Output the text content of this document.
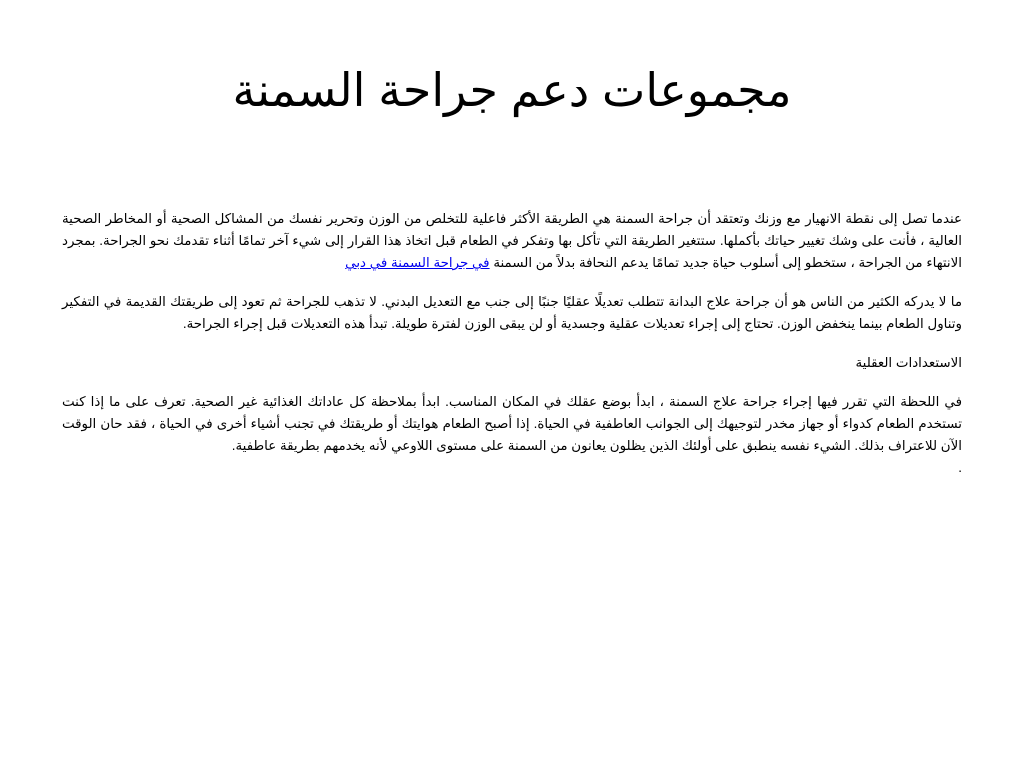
مجموعات دعم جراحة السمنة

عندما تصل إلى نقطة الانهيار مع وزنك وتعتقد أن جراحة السمنة هي الطريقة الأكثر فاعلية للتخلص من الوزن وتحرير نفسك من المشاكل الصحية أو المخاطر الصحية العالية ، فأنت على وشك تغيير حياتك بأكملها. ستتغير الطريقة التي تأكل بها وتفكر في الطعام قبل اتخاذ هذا القرار إلى شيء آخر تمامًا أثناء تقدمك نحو الجراحة. بمجرد الانتهاء من الجراحة ، ستخطو إلى أسلوب حياة جديد تمامًا يدعم النحافة بدلاً من السمنة في جراحة السمنة في دبي

ما لا يدركه الكثير من الناس هو أن جراحة علاج البدانة تتطلب تعديلًا عقليًا جنبًا إلى جنب مع التعديل البدني. لا تذهب للجراحة ثم تعود إلى طريقتك القديمة في التفكير وتناول الطعام بينما ينخفض الوزن. تحتاج إلى إجراء تعديلات عقلية وجسدية أو لن يبقى الوزن لفترة طويلة. تبدأ هذه التعديلات قبل إجراء الجراحة.

الاستعدادات العقلية

في اللحظة التي تقرر فيها إجراء جراحة علاج السمنة ، ابدأ بوضع عقلك في المكان المناسب. ابدأ بملاحظة كل عاداتك الغذائية غير الصحية. تعرف على ما إذا كنت تستخدم الطعام كدواء أو جهاز مخدر لتوجيهك إلى الجوانب العاطفية في الحياة. إذا أصبح الطعام هوايتك أو طريقتك في تجنب أشياء أخرى في الحياة ، فقد حان الوقت الآن للاعتراف بذلك. الشيء نفسه ينطبق على أولئك الذين يظلون يعانون من السمنة على مستوى اللاوعي لأنه يخدمهم بطريقة عاطفية.

.
